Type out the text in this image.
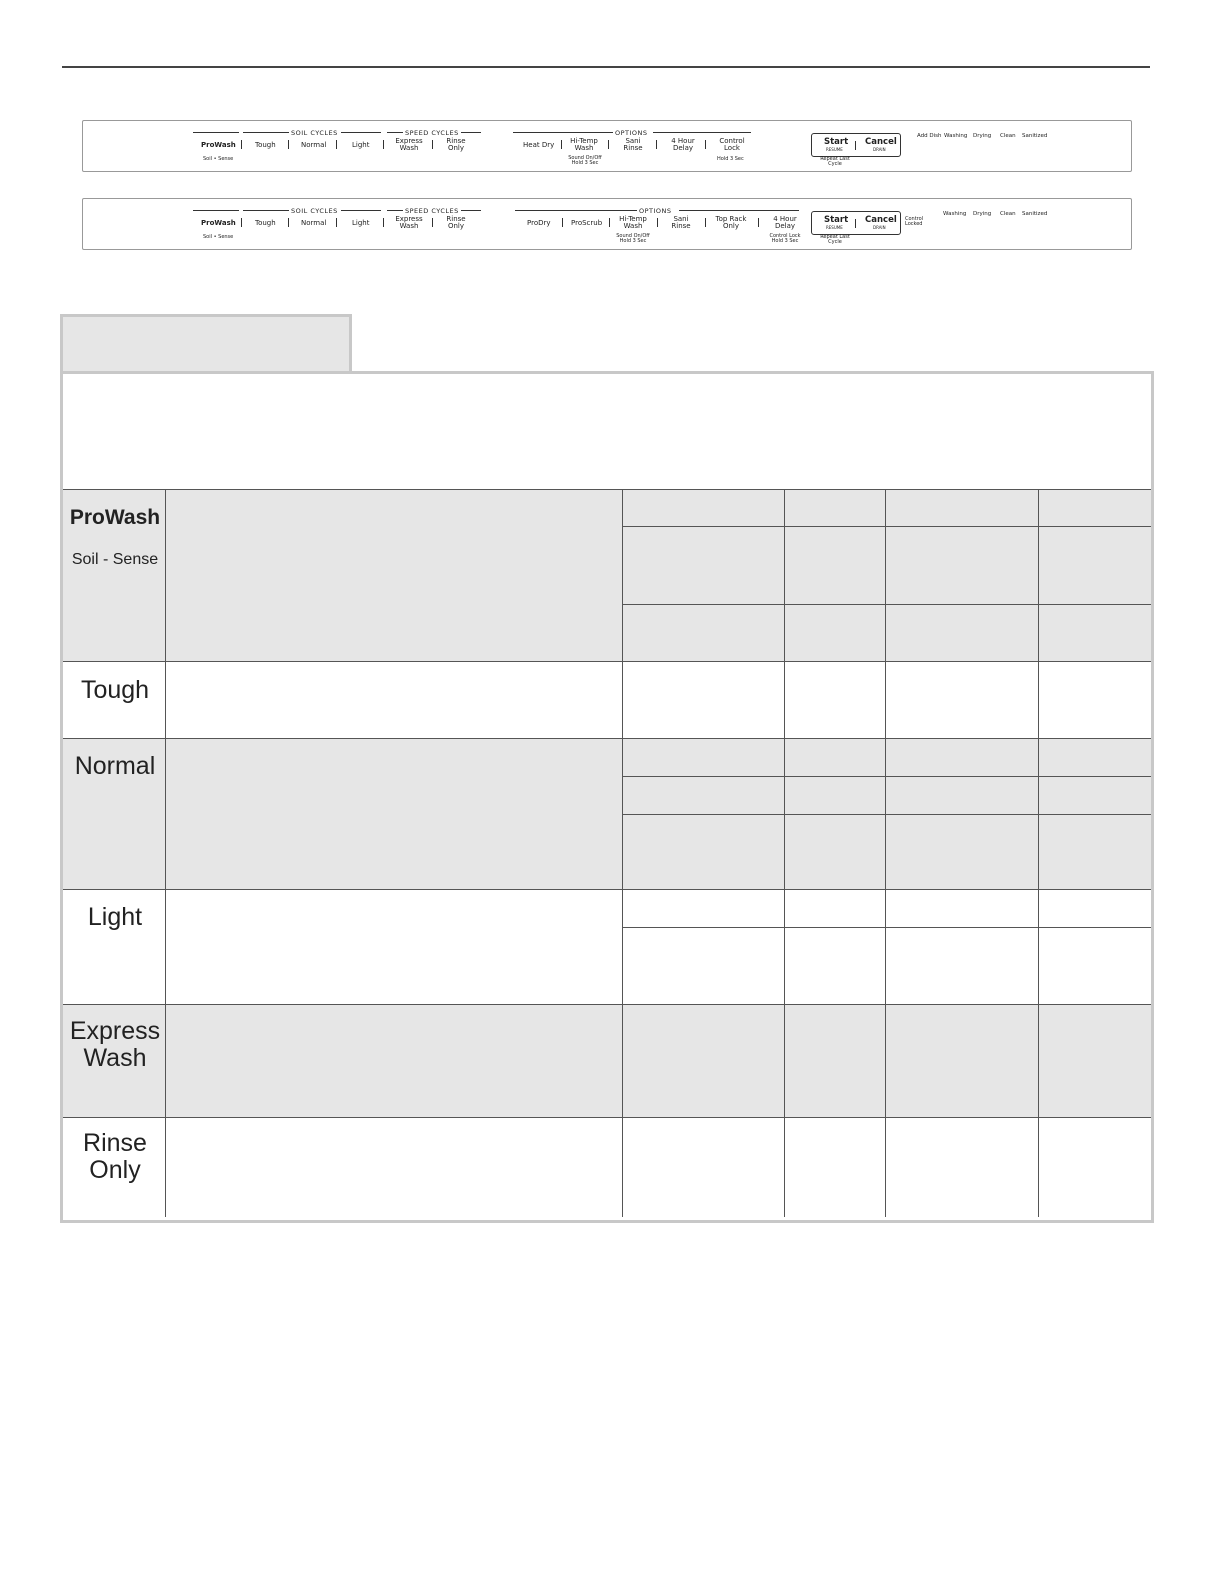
SOIL CYCLES	SPEED CYCLES	OPTIONS
ProWash
Soil • Sense
Tough	Normal	Light	Express Wash
Rinse Only	Heat Dry Hi-Temp Wash
Sound On/Off Hold 3 Sec
Sani Rinse
4 Hour Delay
Control Lock
Hold 3 Sec
Start
RESUME
Cancel
DRAIN
Repeat Last Cycle
Add Dish Washing Drying Clean Sanitized
SOIL CYCLES	SPEED CYCLES	OPTIONS
ProWash
Soil • Sense
Tough	Normal	Light	Express Wash
Rinse Only	ProDry	ProScrub Hi-Temp Wash
Sound On/Off Hold 3 Sec
Sani Rinse
Top Rack Only
4 Hour Delay
Control Lock Hold 3 Sec
Start
RESUME
Cancel
DRAIN
Repeat Last Cycle
Control Locked
Washing Drying Clean Sanitized
ProWash
Soil - Sense
Tough
Normal
Light
Express Wash
Rinse Only
